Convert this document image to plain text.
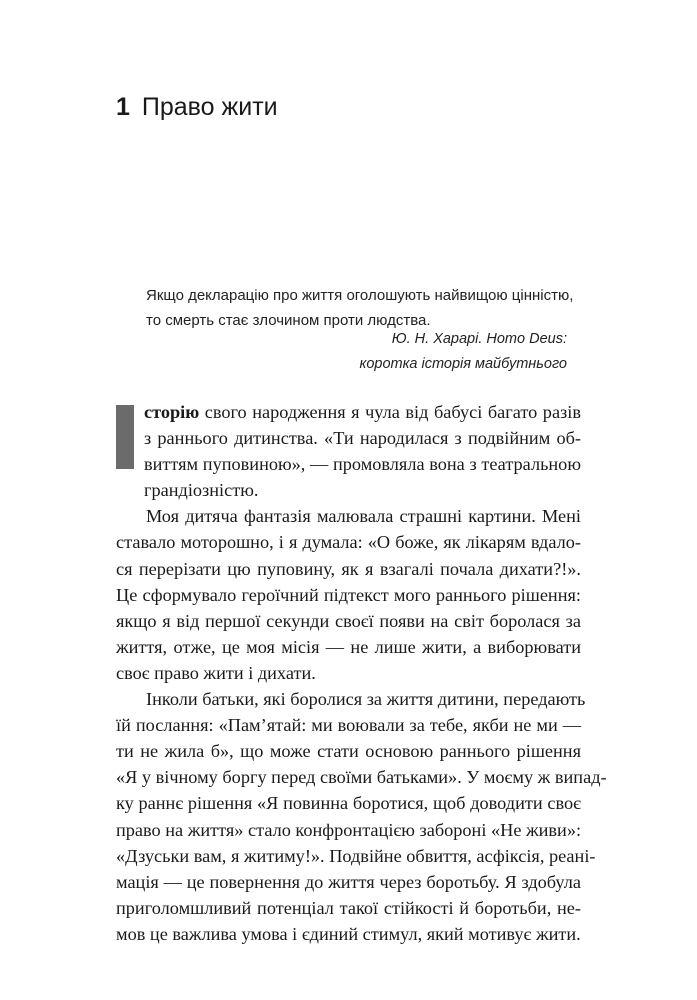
1 Право жити
Якщо декларацію про життя оголошують найвищою цінністю,
то смерть стає злочином проти людства.
Ю. Н. Харарі. Homo Deus:
коротка історія майбутнього
сторію свого народження я чула від бабусі багато разів
з раннього дитинства. «Ти народилася з подвійним об-
виттям пуповиною», — промовляла вона з театральною
грандіозністю.
Моя дитяча фантазія малювала страшні картини. Мені
ставало моторошно, і я думала: «О боже, як лікарям вдало-
ся перерізати цю пуповину, як я взагалі почала дихати?!».
Це сформувало героїчний підтекст мого раннього рішення:
якщо я від першої секунди своєї появи на світ боролася за
життя, отже, це моя місія — не лише жити, а виборювати
своє право жити і дихати.
Інколи батьки, які боролися за життя дитини, передають
їй послання: «Пам’ятай: ми воювали за тебе, якби не ми —
ти не жила б», що може стати основою раннього рішення
«Я у вічному боргу перед своїми батьками». У моєму ж випад-
ку раннє рішення «Я повинна боротися, щоб доводити своє
право на життя» стало конфронтацією забороні «Не живи»:
«Дзуськи вам, я житиму!». Подвійне обвиття, асфіксія, реані-
мація — це повернення до життя через боротьбу. Я здобула
приголомшливий потенціал такої стійкості й боротьби, не-
мов це важлива умова і єдиний стимул, який мотивує жити.
